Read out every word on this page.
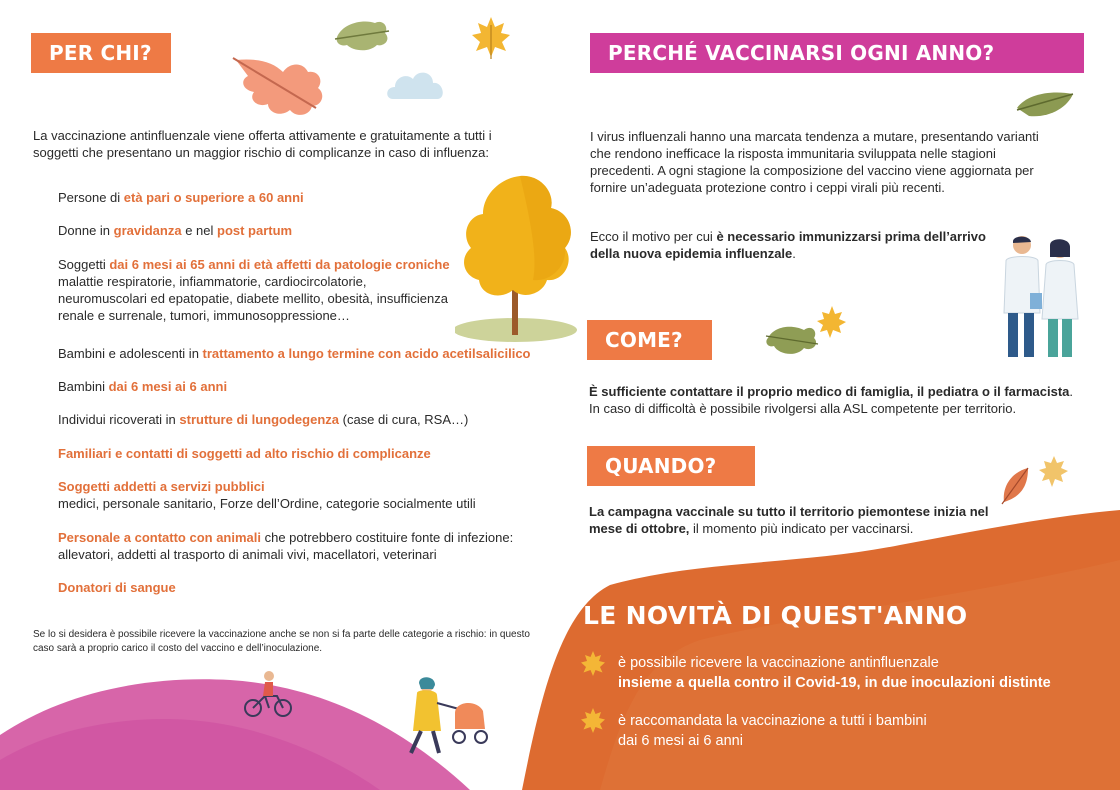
PER CHI?
La vaccinazione antinfluenzale viene offerta attivamente e gratuitamente a tutti i soggetti che presentano un maggior rischio di complicanze in caso di influenza:
Persone di età pari o superiore a 60 anni
Donne in gravidanza e nel post partum
Soggetti dai 6 mesi ai 65 anni di età affetti da patologie croniche
malattie respiratorie, infiammatorie, cardiocircolatorie, neuromuscolari ed epatopatie, diabete mellito, obesità, insufficienza renale e surrenale, tumori, immunosoppressione…
Bambini e adolescenti in trattamento a lungo termine con acido acetilsalicilico
Bambini dai 6 mesi ai 6 anni
Individui ricoverati in strutture di lungodegenza (case di cura, RSA…)
Familiari e contatti di soggetti ad alto rischio di complicanze
Soggetti addetti a servizi pubblici
medici, personale sanitario, Forze dell’Ordine, categorie socialmente utili
Personale a contatto con animali che potrebbero costituire fonte di infezione:
allevatori, addetti al trasporto di animali vivi, macellatori, veterinari
Donatori di sangue
Se lo si desidera è possibile ricevere la vaccinazione anche se non si fa parte delle categorie a rischio: in questo caso sarà a proprio carico il costo del vaccino e dell’inoculazione.
PERCHÉ VACCINARSI OGNI ANNO?
I virus influenzali hanno una marcata tendenza a mutare, presentando varianti che rendono inefficace la risposta immunitaria sviluppata nelle stagioni precedenti. A ogni stagione la composizione del vaccino viene aggiornata per fornire un’adeguata protezione contro i ceppi virali più recenti.
Ecco il motivo per cui è necessario immunizzarsi prima dell’arrivo della nuova epidemia influenzale.
COME?
È sufficiente contattare il proprio medico di famiglia, il pediatra o il farmacista.
In caso di difficoltà è possibile rivolgersi alla ASL competente per territorio.
QUANDO?
La campagna vaccinale su tutto il territorio piemontese inizia nel mese di ottobre, il momento più indicato per vaccinarsi.
LE NOVITÀ DI QUEST'ANNO
è possibile ricevere la vaccinazione antinfluenzale
insieme a quella contro il Covid-19, in due inoculazioni distinte
è raccomandata la vaccinazione a tutti i bambini
dai 6 mesi ai 6 anni
